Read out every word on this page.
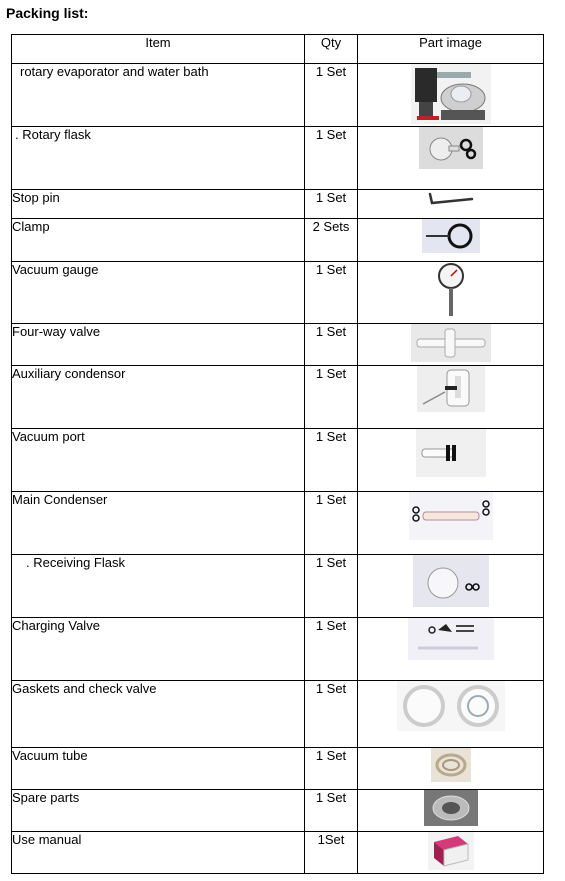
Packing list:
Item	Qty	Part image
rotary evaporator and water bath	1 Set	

. Rotary flask	1 Set	

Stop pin	1 Set	

Clamp	2 Sets	

Vacuum gauge	1 Set	

Four-way valve	1 Set	

Auxiliary condensor	1 Set	

Vacuum port	1 Set	

Main Condenser	1 Set	

. Receiving Flask	1 Set	

Charging Valve	1 Set	

Gaskets and check valve	1 Set	

Vacuum tube	1 Set	

Spare parts	1 Set	

Use manual	1Set	
